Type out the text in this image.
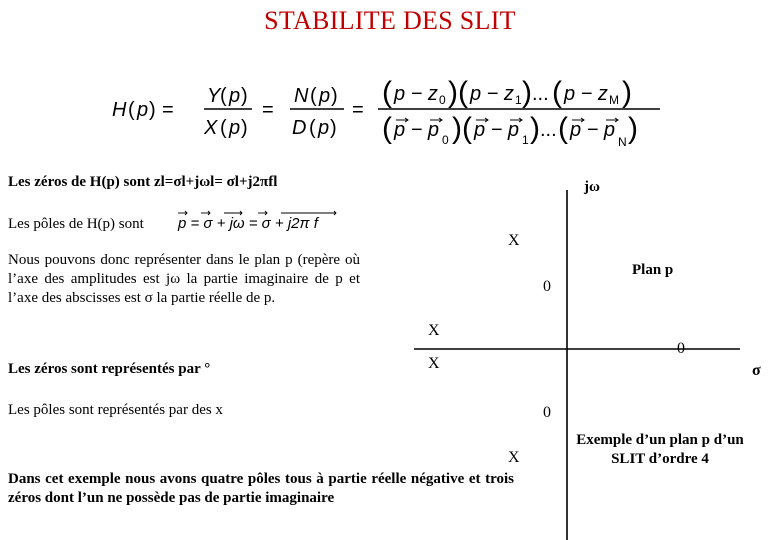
STABILITE DES SLIT
H ( p ) =
Y ( p )
X ( p )
=
N ( p )
D ( p )
=
( p − z 0 ) ( p − z 1 ) ... ( p − z M )
( p − p 0 ) ( p − p 1 ) ... ( p − p
N )
Les zéros de H(p) sont zl=σl+jωl= σl+j2πfl
Les pôles de H(p) sont p = σ + jω = σ + j2π f
Nous pouvons donc représenter dans le plan p (repère où l’axe des amplitudes est jω la partie imaginaire de p et l’axe des abscisses est σ la partie réelle de p.
Les zéros sont représentés par °
Les pôles sont représentés par des x
Dans cet exemple nous avons quatre pôles tous à partie réelle négative et trois zéros dont l’un ne possède pas de partie imaginaire
Exemple d’un plan p d’un SLIT d’ordre 4
jω
σ
Plan p
X
X
X
X
0
0
0
